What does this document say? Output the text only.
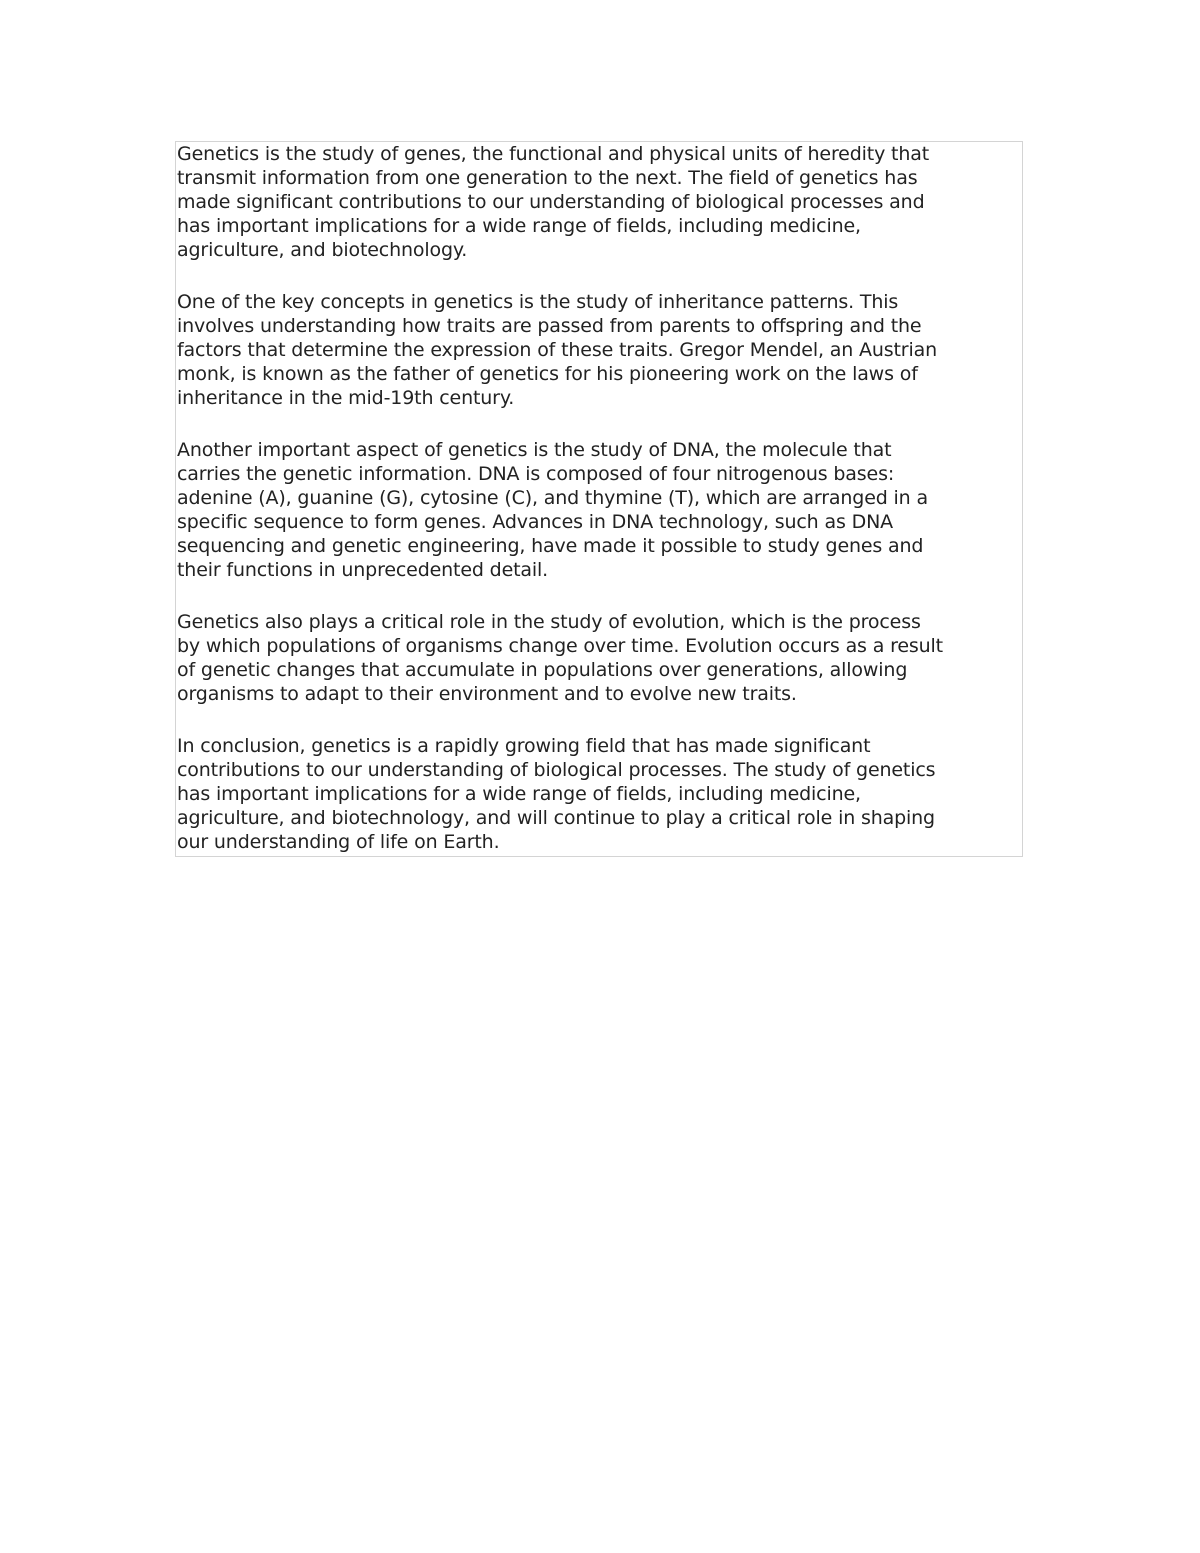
Genetics is the study of genes, the functional and physical units of heredity that
transmit information from one generation to the next. The field of genetics has
made significant contributions to our understanding of biological processes and
has important implications for a wide range of fields, including medicine,
agriculture, and biotechnology.

One of the key concepts in genetics is the study of inheritance patterns. This
involves understanding how traits are passed from parents to offspring and the
factors that determine the expression of these traits. Gregor Mendel, an Austrian
monk, is known as the father of genetics for his pioneering work on the laws of
inheritance in the mid-19th century.

Another important aspect of genetics is the study of DNA, the molecule that
carries the genetic information. DNA is composed of four nitrogenous bases:
adenine (A), guanine (G), cytosine (C), and thymine (T), which are arranged in a
specific sequence to form genes. Advances in DNA technology, such as DNA
sequencing and genetic engineering, have made it possible to study genes and
their functions in unprecedented detail.

Genetics also plays a critical role in the study of evolution, which is the process
by which populations of organisms change over time. Evolution occurs as a result
of genetic changes that accumulate in populations over generations, allowing
organisms to adapt to their environment and to evolve new traits.

In conclusion, genetics is a rapidly growing field that has made significant
contributions to our understanding of biological processes. The study of genetics
has important implications for a wide range of fields, including medicine,
agriculture, and biotechnology, and will continue to play a critical role in shaping
our understanding of life on Earth.
